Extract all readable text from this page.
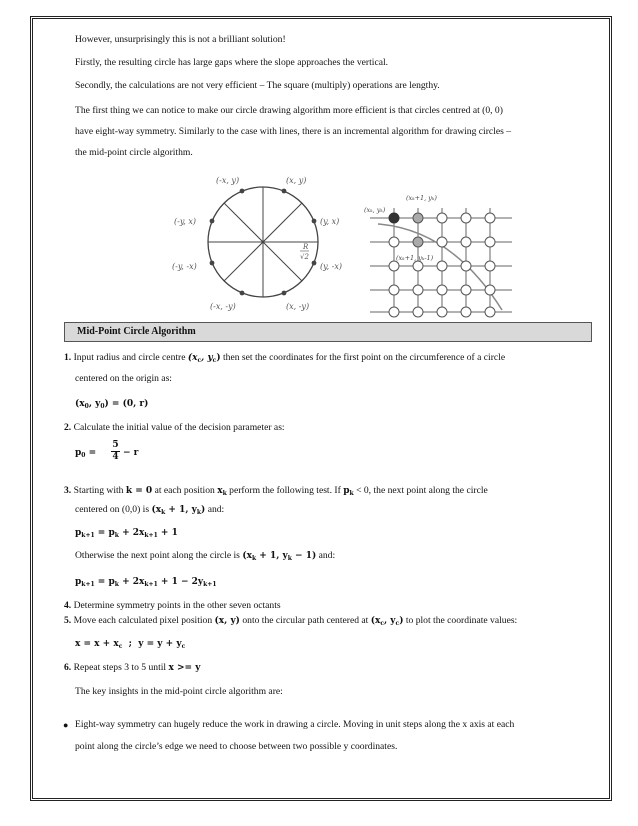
However, unsurprisingly this is not a brilliant solution!
Firstly, the resulting circle has large gaps where the slope approaches the vertical.
Secondly, the calculations are not very efficient – The square (multiply) operations are lengthy.
The first thing we can notice to make our circle drawing algorithm more efficient is that circles centred at (0, 0)
have eight-way symmetry. Similarly to the case with lines, there is an incremental algorithm for drawing circles –
the mid-point circle algorithm.
(-x, y)	(x, y)
(-y, x)	(y, x)
(-y, -x)	(y, -x)
(-x, -y)	(x, -y)
R
√2
(xₖ, yₖ)
(xₖ+1, yₖ)
(xₖ+1, yₖ-1)
Mid-Point Circle Algorithm
1. Input radius and circle centre ($x_c$, $y_c$) then set the coordinates for the first point on the circumference of a circle
centered on the origin as:
($x_0$, $y_0) = (0$, r)
2. Calculate the initial value of the decision parameter as:
$p_0 = \frac{5}{4} - r$
3. Starting with k = 0 at each position $x_k$ perform the following test. If $p_k < 0$, the next point along the circle
centered on (0,0) is ($x_k + 1$, $y_k$) and:
$p_{k+1} = p_k + 2x_{k+1} + 1$
Otherwise the next point along the circle is ($x_k + 1$, $y_k - 1$) and:
$p_{k+1} = p_k + 2x_{k+1} + 1 - 2y_{k+1}$
4. Determine symmetry points in the other seven octants
5. Move each calculated pixel position (x, y) onto the circular path centered at ($x_c$, $y_c$) to plot the coordinate values:
$x = x + x_c$ ; $y = y + y_c$
6. Repeat steps 3 to 5 until x >= y
The key insights in the mid-point circle algorithm are:
● Eight-way symmetry can hugely reduce the work in drawing a circle. Moving in unit steps along the x axis at each
point along the circle’s edge we need to choose between two possible y coordinates.
